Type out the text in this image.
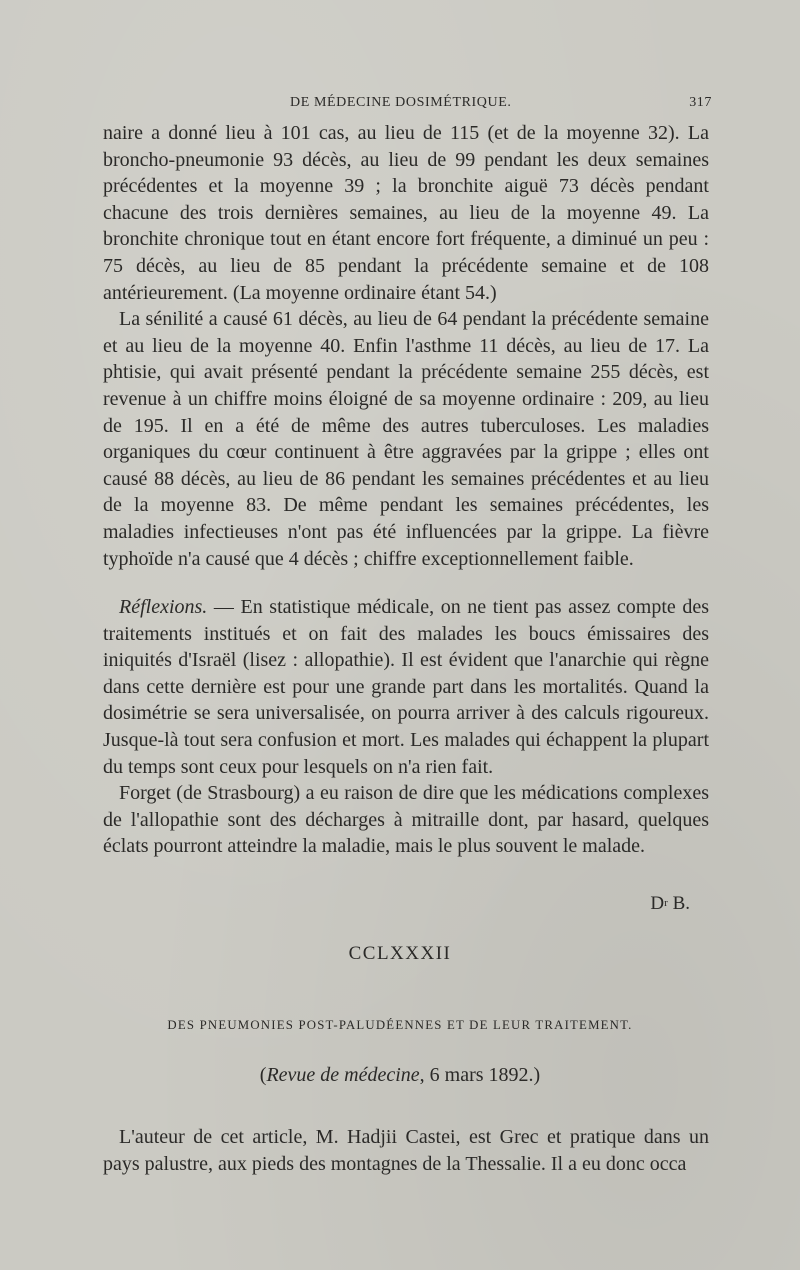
DE MÉDECINE DOSIMÉTRIQUE.	317

naire a donné lieu à 101 cas, au lieu de 115 (et de la moyenne 32). La broncho-pneumonie 93 décès, au lieu de 99 pendant les deux semaines précédentes et la moyenne 39 ; la bronchite aiguë 73 décès pendant chacune des trois dernières semaines, au lieu de la moyenne 49. La bronchite chronique tout en étant encore fort fréquente, a diminué un peu : 75 décès, au lieu de 85 pendant la précédente semaine et de 108 antérieurement. (La moyenne ordinaire étant 54.)

La sénilité a causé 61 décès, au lieu de 64 pendant la précédente semaine et au lieu de la moyenne 40. Enfin l'asthme 11 décès, au lieu de 17. La phtisie, qui avait présenté pendant la précédente semaine 255 décès, est revenue à un chiffre moins éloigné de sa moyenne ordinaire : 209, au lieu de 195. Il en a été de même des autres tuberculoses. Les maladies organiques du cœur continuent à être aggravées par la grippe ; elles ont causé 88 décès, au lieu de 86 pendant les semaines précédentes et au lieu de la moyenne 83. De même pendant les semaines précédentes, les maladies infectieuses n'ont pas été influencées par la grippe. La fièvre typhoïde n'a causé que 4 décès ; chiffre exceptionnellement faible.

Réflexions. — En statistique médicale, on ne tient pas assez compte des traitements institués et on fait des malades les boucs émissaires des iniquités d'Israël (lisez : allopathie). Il est évident que l'anarchie qui règne dans cette dernière est pour une grande part dans les mortalités. Quand la dosimétrie se sera universalisée, on pourra arriver à des calculs rigoureux. Jusque-là tout sera confusion et mort. Les malades qui échappent la plupart du temps sont ceux pour lesquels on n'a rien fait.

Forget (de Strasbourg) a eu raison de dire que les médications complexes de l'allopathie sont des décharges à mitraille dont, par hasard, quelques éclats pourront atteindre la maladie, mais le plus souvent le malade.

$D^r$ B.
CCLXXXII
DES PNEUMONIES POST-PALUDÉENNES ET DE LEUR TRAITEMENT.
(Revue de médecine, 6 mars 1892.)

L'auteur de cet article, M. Hadjii Castei, est Grec et pratique dans un pays palustre, aux pieds des montagnes de la Thessalie. Il a eu donc occa
